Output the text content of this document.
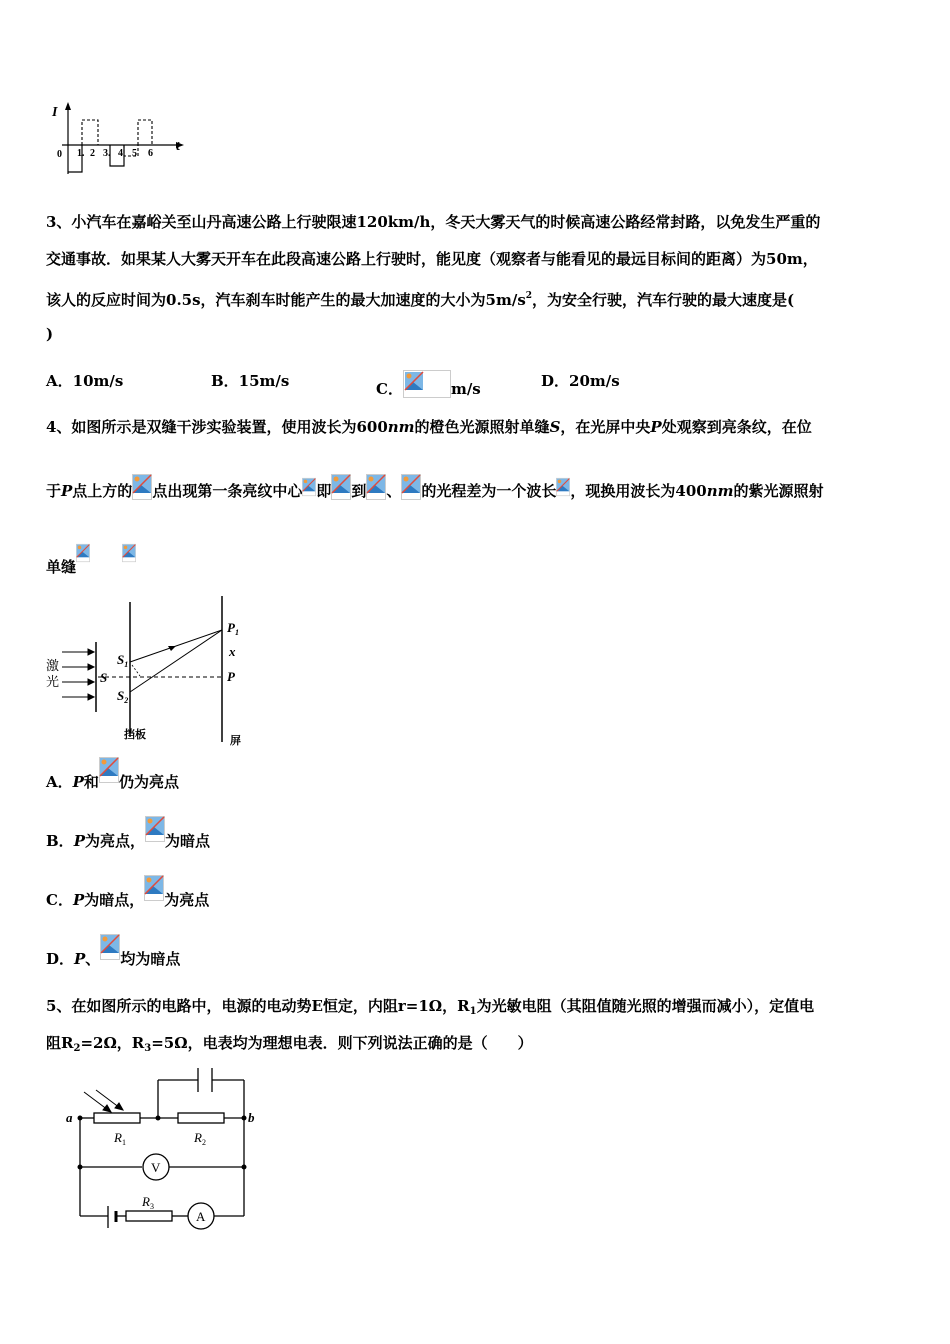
I
t
0 1. 2 3. 4 5 6
3、小汽车在嘉峪关至山丹高速公路上行驶限速120km/h，冬天大雾天气的时候高速公路经常封路，以免发生严重的
交通事故．如果某人大雾天开车在此段高速公路上行驶时，能见度（观察者与能看见的最远目标间的距离）为50m，
该人的反应时间为0.5s，汽车刹车时能产生的最大加速度的大小为$5m/s^2$，为安全行驶，汽车行驶的最大速度是(
)
A．10m/s	B．15m/s	C．	m/s	D．20m/s
4、如图所示是双缝干涉实验装置，使用波长为600nm的橙色光源照射单缝S，在光屏中央P处观察到亮条纹，在位
于P点上方的 点出现第一条亮纹中心 即 到 、 的光程差为一个波长 ，现换用波长为400nm的紫光源照射
单缝
激
光	S
$S_1$
$S_2$
$P_1$
x
P
挡板	屏
A．P和 仍为亮点
B．P为亮点， 为暗点
C．P为暗点， 为亮点
D．P、 均为暗点
5、在如图所示的电路中，电源的电动势E恒定，内阻r=1Ω，$R_1$为光敏电阻（其阻值随光照的增强而减小），定值电
阻$R_2=2\Omega$，$R_3=5\Omega$，电表均为理想电表．则下列说法正确的是（　　）
a	b
$R_1$	$R_2$
$R_3$
V
A
